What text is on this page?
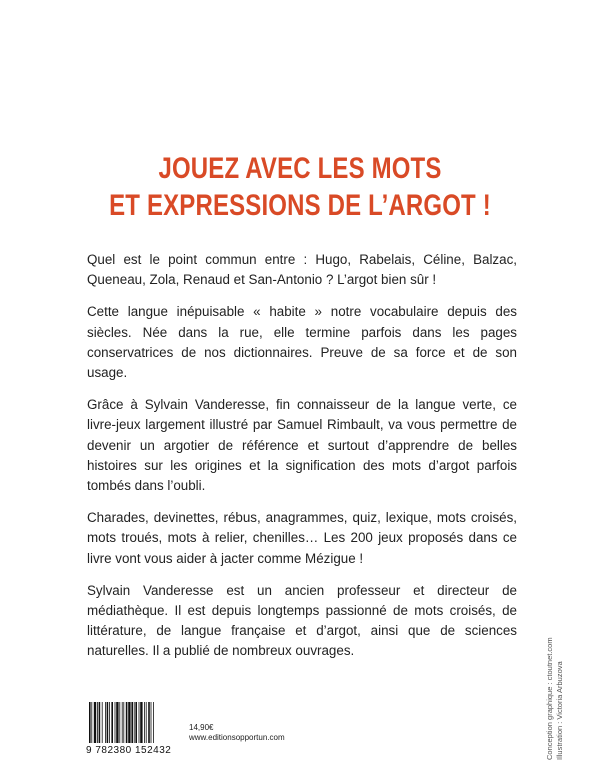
JOUEZ AVEC LES MOTS
ET EXPRESSIONS DE L’ARGOT !

Quel est le point commun entre : Hugo, Rabelais, Céline, Balzac, Queneau, Zola, Renaud et San-Antonio ? L’argot bien sûr !

Cette langue inépuisable « habite » notre vocabulaire depuis des siècles. Née dans la rue, elle termine parfois dans les pages conservatrices de nos dictionnaires. Preuve de sa force et de son usage.

Grâce à Sylvain Vanderesse, fin connaisseur de la langue verte, ce livre-jeux largement illustré par Samuel Rimbault, va vous permettre de devenir un argotier de référence et surtout d’apprendre de belles histoires sur les origines et la signification des mots d’argot parfois tombés dans l’oubli.

Charades, devinettes, rébus, anagrammes, quiz, lexique, mots croisés, mots troués, mots à relier, chenilles… Les 200 jeux proposés dans ce livre vont vous aider à jacter comme Mézigue !

Sylvain Vanderesse est un ancien professeur et directeur de médiathèque. Il est depuis longtemps passionné de mots croisés, de littérature, de langue française et d’argot, ainsi que de sciences naturelles. Il a publié de nombreux ouvrages.	Conception graphique : ctoutnet.com Illustration : Victoria Arbuzova
9 782380 152432
14,90€
www.editionsopportun.com
